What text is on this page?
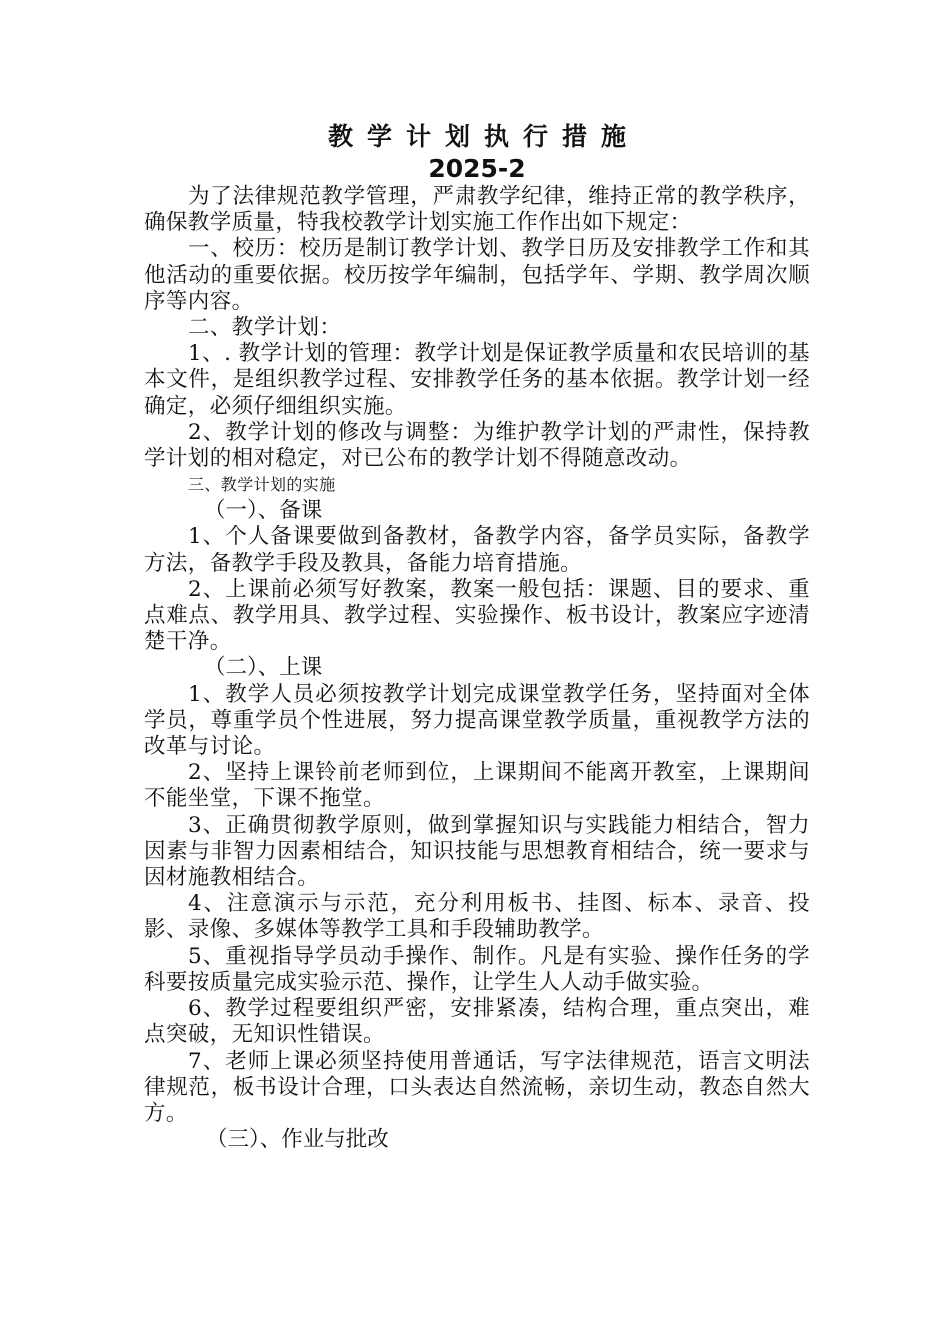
教学计划执行措施

2025-2

为了法律规范教学管理，严肃教学纪律，维持正常的教学秩序，确保教学质量，特我校教学计划实施工作作出如下规定：

一、校历：校历是制订教学计划、教学日历及安排教学工作和其他活动的重要依据。校历按学年编制，包括学年、学期、教学周次顺序等内容。

二、教学计划：

1、. 教学计划的管理：教学计划是保证教学质量和农民培训的基本文件，是组织教学过程、安排教学任务的基本依据。教学计划一经确定，必须仔细组织实施。

2、教学计划的修改与调整：为维护教学计划的严肃性，保持教学计划的相对稳定，对已公布的教学计划不得随意改动。

三、教学计划的实施

（一）、备课

1、个人备课要做到备教材，备教学内容，备学员实际，备教学方法，备教学手段及教具，备能力培育措施。

2、上课前必须写好教案，教案一般包括：课题、目的要求、重点难点、教学用具、教学过程、实验操作、板书设计，教案应字迹清楚干净。

（二）、上课

1、教学人员必须按教学计划完成课堂教学任务，坚持面对全体学员，尊重学员个性进展，努力提高课堂教学质量，重视教学方法的改革与讨论。

2、坚持上课铃前老师到位，上课期间不能离开教室，上课期间不能坐堂，下课不拖堂。

3、正确贯彻教学原则，做到掌握知识与实践能力相结合，智力因素与非智力因素相结合，知识技能与思想教育相结合，统一要求与因材施教相结合。

4、注意演示与示范，充分利用板书、挂图、标本、录音、投影、录像、多媒体等教学工具和手段辅助教学。

5、重视指导学员动手操作、制作。凡是有实验、操作任务的学科要按质量完成实验示范、操作，让学生人人动手做实验。

6、教学过程要组织严密，安排紧凑，结构合理，重点突出，难点突破，无知识性错误。

7、老师上课必须坚持使用普通话，写字法律规范，语言文明法律规范，板书设计合理，口头表达自然流畅，亲切生动，教态自然大方。

（三）、作业与批改
